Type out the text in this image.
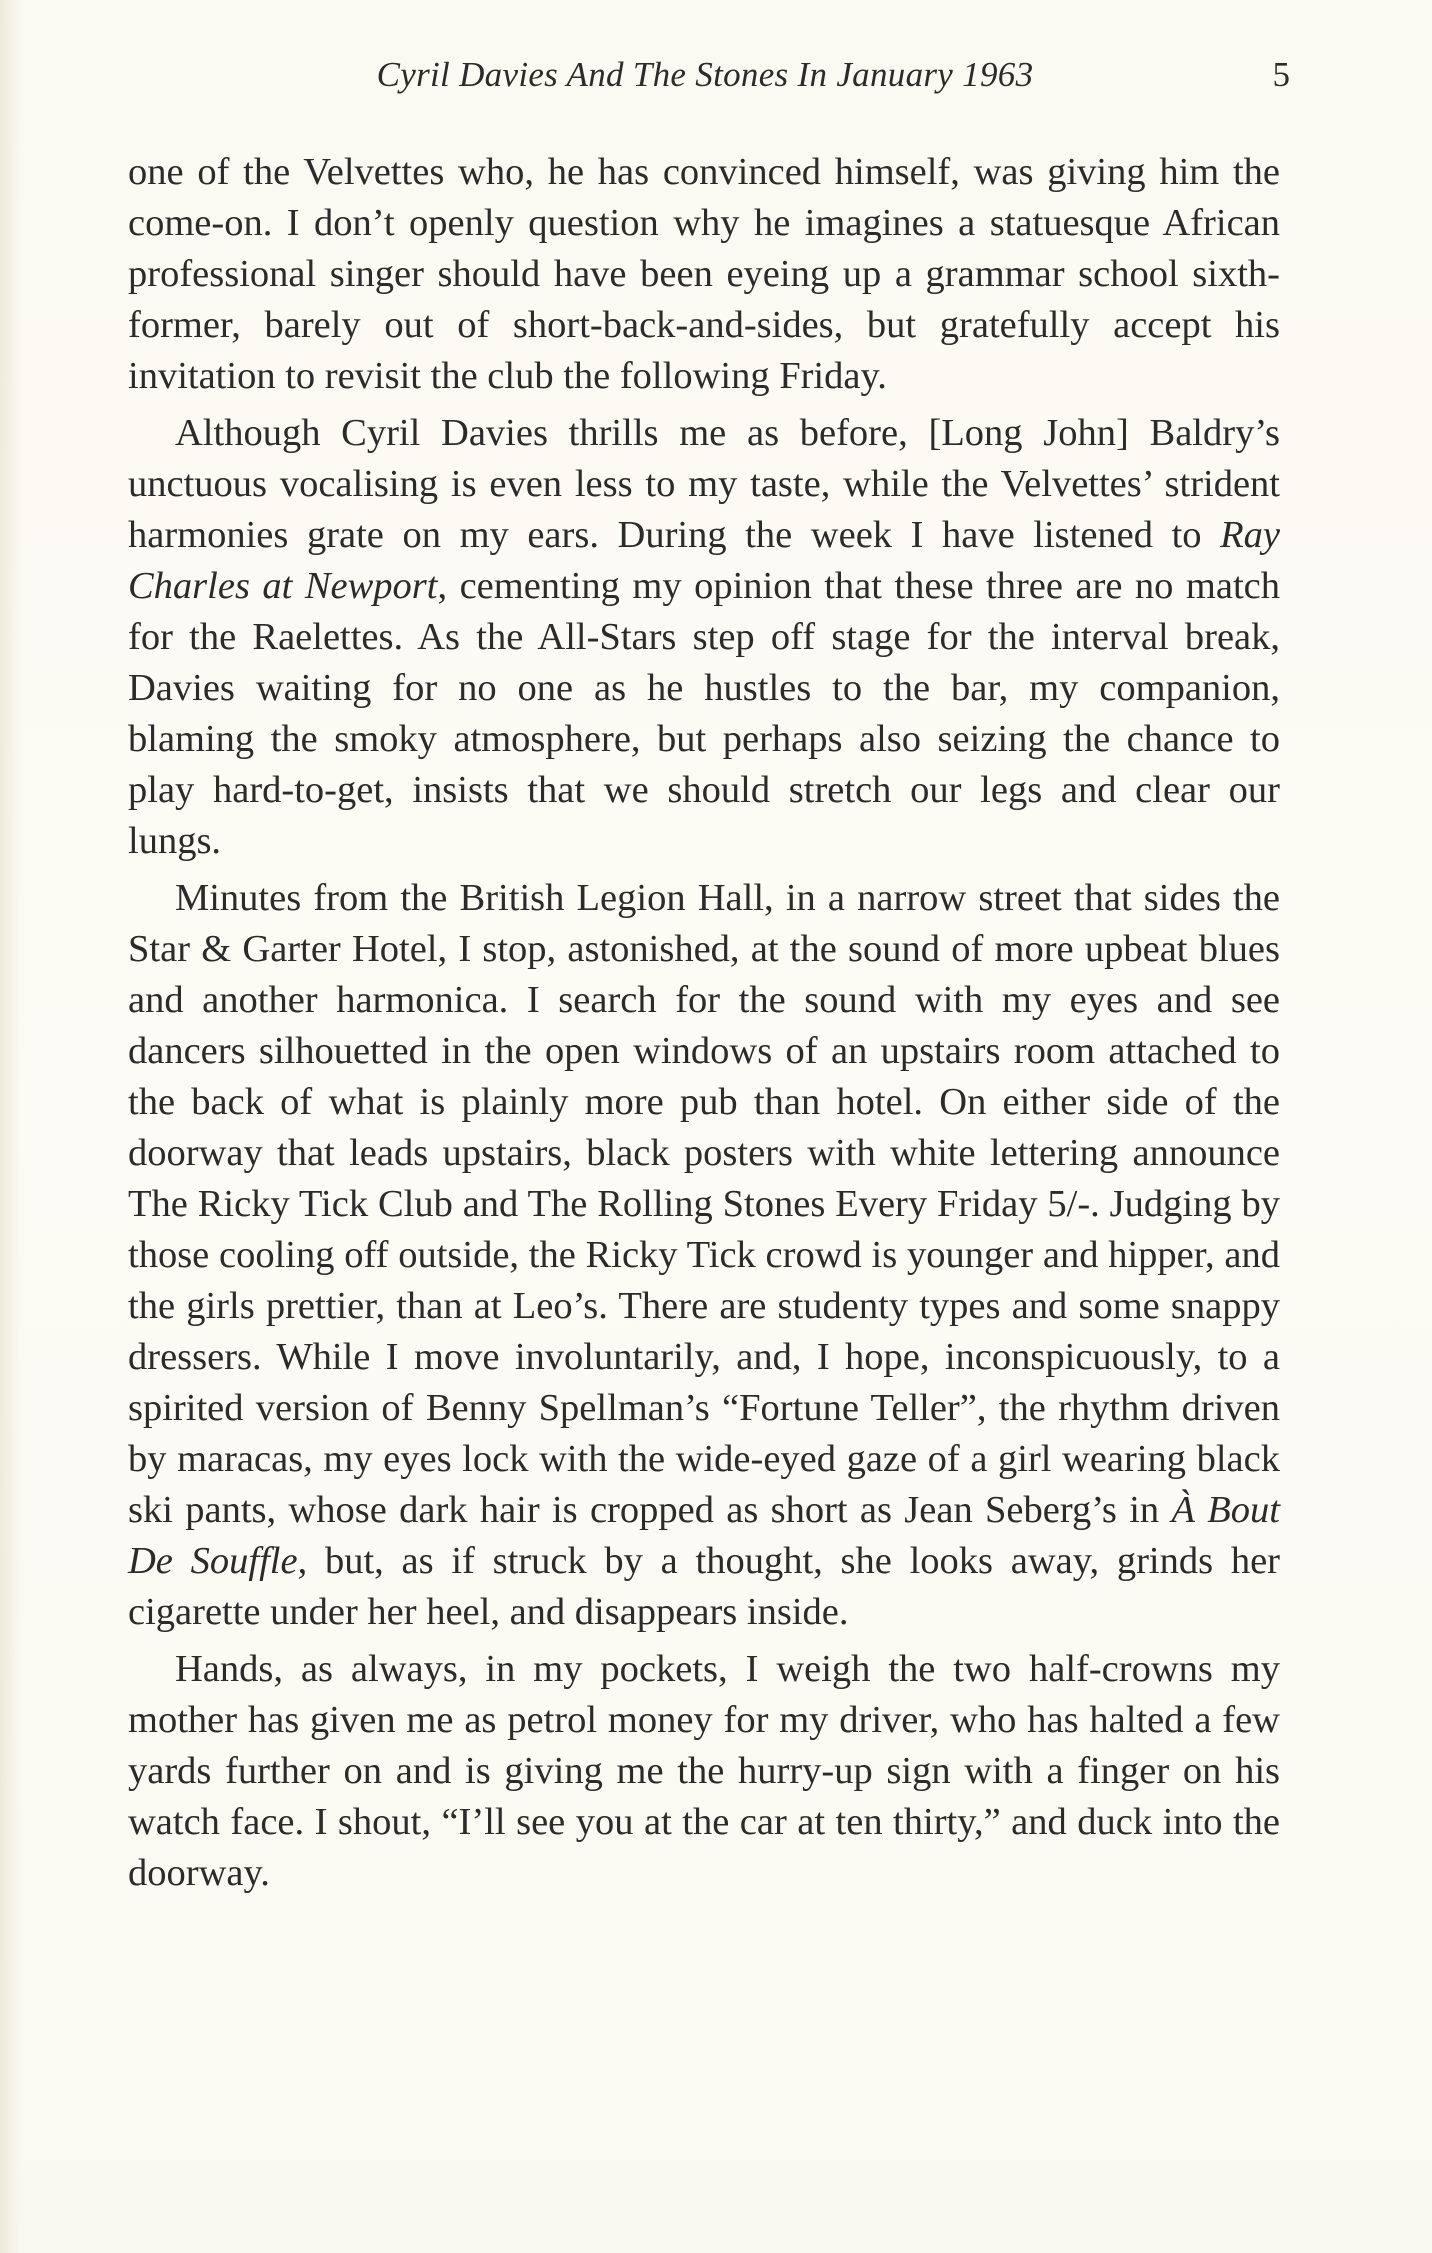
Cyril Davies And The Stones In January 1963	5

one of the Velvettes who, he has convinced himself, was giving him the come-on. I don’t openly question why he imagines a statuesque African professional singer should have been eyeing up a grammar school sixth-former, barely out of short-back-and-sides, but gratefully accept his invitation to revisit the club the following Friday.

Although Cyril Davies thrills me as before, [Long John] Baldry’s unctuous vocalising is even less to my taste, while the Velvettes’ strident harmonies grate on my ears. During the week I have listened to Ray Charles at Newport, cementing my opinion that these three are no match for the Raelettes. As the All-Stars step off stage for the interval break, Davies waiting for no one as he hustles to the bar, my companion, blaming the smoky atmosphere, but perhaps also seizing the chance to play hard-to-get, insists that we should stretch our legs and clear our lungs.

Minutes from the British Legion Hall, in a narrow street that sides the Star & Garter Hotel, I stop, astonished, at the sound of more upbeat blues and another harmonica. I search for the sound with my eyes and see dancers silhouetted in the open windows of an upstairs room attached to the back of what is plainly more pub than hotel. On either side of the doorway that leads upstairs, black posters with white lettering announce The Ricky Tick Club and The Rolling Stones Every Friday 5/-. Judging by those cooling off outside, the Ricky Tick crowd is younger and hipper, and the girls prettier, than at Leo’s. There are studenty types and some snappy dressers. While I move involuntarily, and, I hope, inconspicuously, to a spirited version of Benny Spellman’s “Fortune Teller”, the rhythm driven by maracas, my eyes lock with the wide-eyed gaze of a girl wearing black ski pants, whose dark hair is cropped as short as Jean Seberg’s in À Bout De Souffle, but, as if struck by a thought, she looks away, grinds her cigarette under her heel, and disappears inside.

Hands, as always, in my pockets, I weigh the two half-crowns my mother has given me as petrol money for my driver, who has halted a few yards further on and is giving me the hurry-up sign with a finger on his watch face. I shout, “I’ll see you at the car at ten thirty,” and duck into the doorway.
